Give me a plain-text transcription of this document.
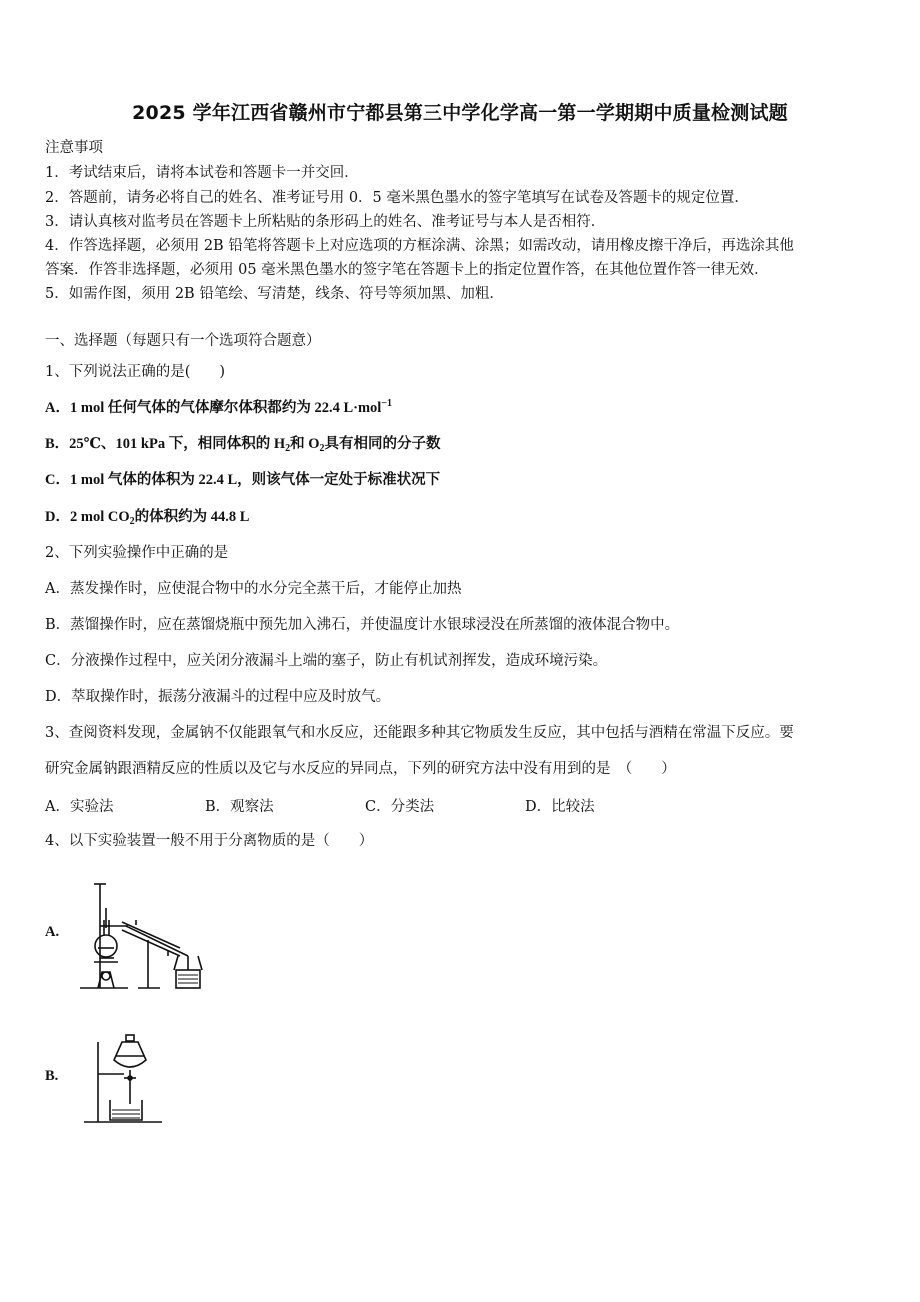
2025 学年江西省赣州市宁都县第三中学化学高一第一学期期中质量检测试题
注意事项
1．考试结束后，请将本试卷和答题卡一并交回．
2．答题前，请务必将自己的姓名、准考证号用 0．5 毫米黑色墨水的签字笔填写在试卷及答题卡的规定位置．
3．请认真核对监考员在答题卡上所粘贴的条形码上的姓名、准考证号与本人是否相符．
4．作答选择题，必须用 2B 铅笔将答题卡上对应选项的方框涂满、涂黑；如需改动，请用橡皮擦干净后，再选涂其他
答案．作答非选择题，必须用 05 毫米黑色墨水的签字笔在答题卡上的指定位置作答，在其他位置作答一律无效．
5．如需作图，须用 2B 铅笔绘、写清楚，线条、符号等须加黑、加粗．
一、选择题（每题只有一个选项符合题意）
1、下列说法正确的是(　　)
A．1 mol 任何气体的气体摩尔体积都约为 22.4 L·mol$^{-1}$
B．25℃、101 kPa 下，相同体积的 $H_2$和 $O_2$具有相同的分子数
C．1 mol 气体的体积为 22.4 L，则该气体一定处于标准状况下
D．2 mol $CO_2$的体积约为 44.8 L
2、下列实验操作中正确的是
A．蒸发操作时，应使混合物中的水分完全蒸干后，才能停止加热
B．蒸馏操作时，应在蒸馏烧瓶中预先加入沸石，并使温度计水银球浸没在所蒸馏的液体混合物中。
C．分液操作过程中，应关闭分液漏斗上端的塞子，防止有机试剂挥发，造成环境污染。
D．萃取操作时，振荡分液漏斗的过程中应及时放气。
3、查阅资料发现，金属钠不仅能跟氧气和水反应，还能跟多种其它物质发生反应，其中包括与酒精在常温下反应。要
研究金属钠跟酒精反应的性质以及它与水反应的异同点，下列的研究方法中没有用到的是　（　　）
A．实验法	B．观察法	C．分类法	D．比较法
4、以下实验装置一般不用于分离物质的是（　　）
A.
B.
